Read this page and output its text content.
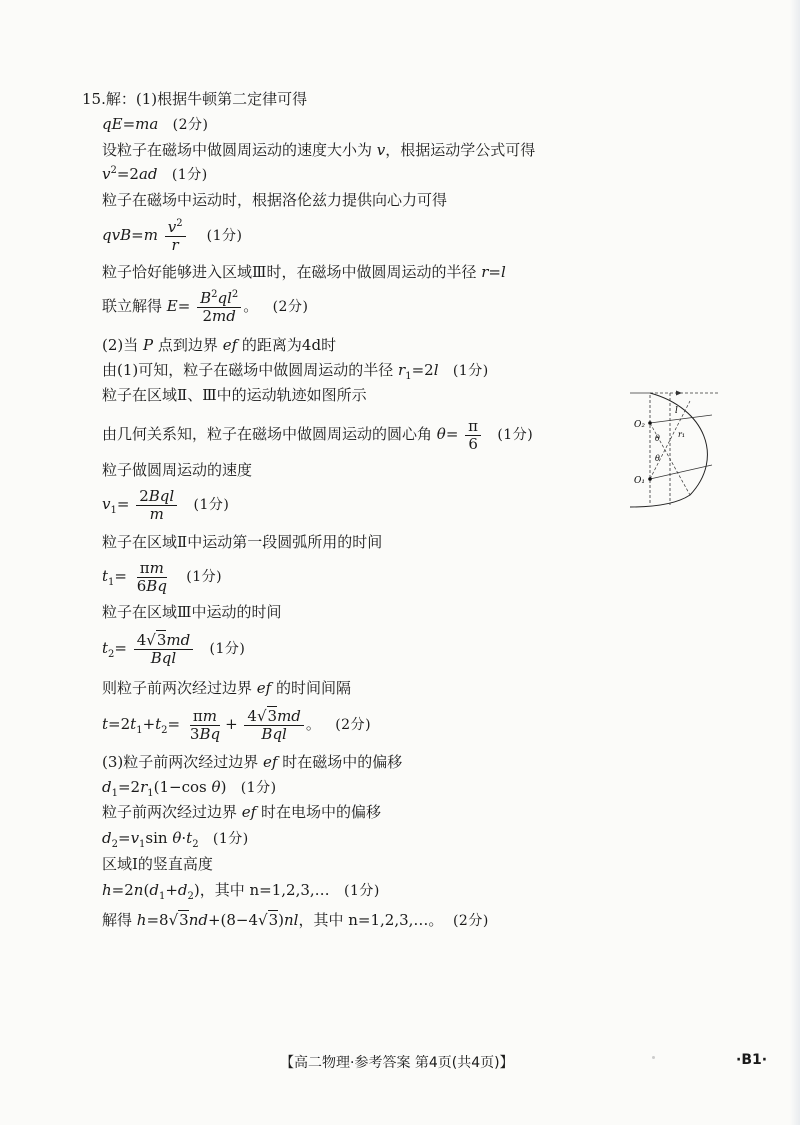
15.解：(1)根据牛顿第二定律可得
qE=ma (2分)
设粒子在磁场中做圆周运动的速度大小为 v，根据运动学公式可得
$v^2=2ad$ (1分)
粒子在磁场中运动时，根据洛伦兹力提供向心力可得
$qvB=m \frac{v^2}{r} (1$分)
粒子恰好能够进入区域Ⅲ时，在磁场中做圆周运动的半径 r=l
联立解得 $E= \frac{B^2ql^2}{2md}$ 。   (2分)
(2)当 P 点到边界 ef 的距离为4d时
由(1)可知，粒子在磁场中做圆周运动的半径 $r_1=2l$ (1分)
粒子在区域Ⅱ、Ⅲ中的运动轨迹如图所示
由几何关系知，粒子在磁场中做圆周运动的圆心角 $\theta= \frac{\pi}{6} (1$分)
粒子做圆周运动的速度
$v_1= \frac{\text{2Bql}}{m} (1$分)
粒子在区域Ⅱ中运动第一段圆弧所用的时间
$t_1= \frac{\pi m}{6Bq} (1$分)
粒子在区域Ⅲ中运动的时间
$t_2= \frac{4√3md}{\text{Bql}} (1$分)
则粒子前两次经过边界 ef 的时间间隔
$t=2t_1+t_2= \frac{\pi m}{3Bq} + \frac{4√3md}{\text{Bql}}$ 。   (2分)
(3)粒子前两次经过边界 ef 时在磁场中的偏移
$d_1=2r_1(1-\cos$ θ)   (1分)
粒子前两次经过边界 ef 时在电场中的偏移
$d_2=v_1\sin$ $\theta\cdot t_2$ (1分)
区域Ⅰ的竖直高度
$h=2n(d_1+d_2)$，其中 n=1,2,3,… (1分)
解得 h=8√3nd+(8−4√3)nl，其中 n=1,2,3,…。 (2分)
O₂
O₁
l
r₁
θ
θ
【高二物理·参考答案 第4页(共4页)】	·B1·
